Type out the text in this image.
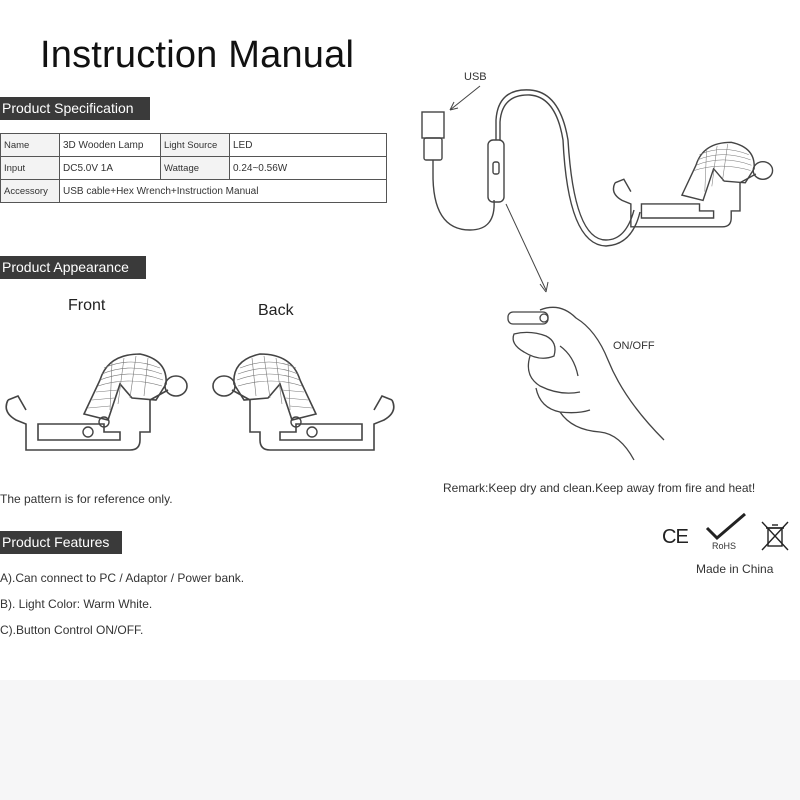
Instruction Manual
Product Specification
Name	3D Wooden Lamp	Light Source	LED
Input	DC5.0V 1A	Wattage	0.24~0.56W
Accessory	USB cable+Hex Wrench+Instruction Manual		
Product Appearance
Front	Back
The pattern is for reference only.
Product Features
A).Can connect to PC / Adaptor / Power bank.
B). Light Color: Warm White.
C).Button Control ON/OFF.
USB
ON/OFF
Remark:Keep dry and clean.Keep away from fire and heat!
CE	RoHS
Made in China
